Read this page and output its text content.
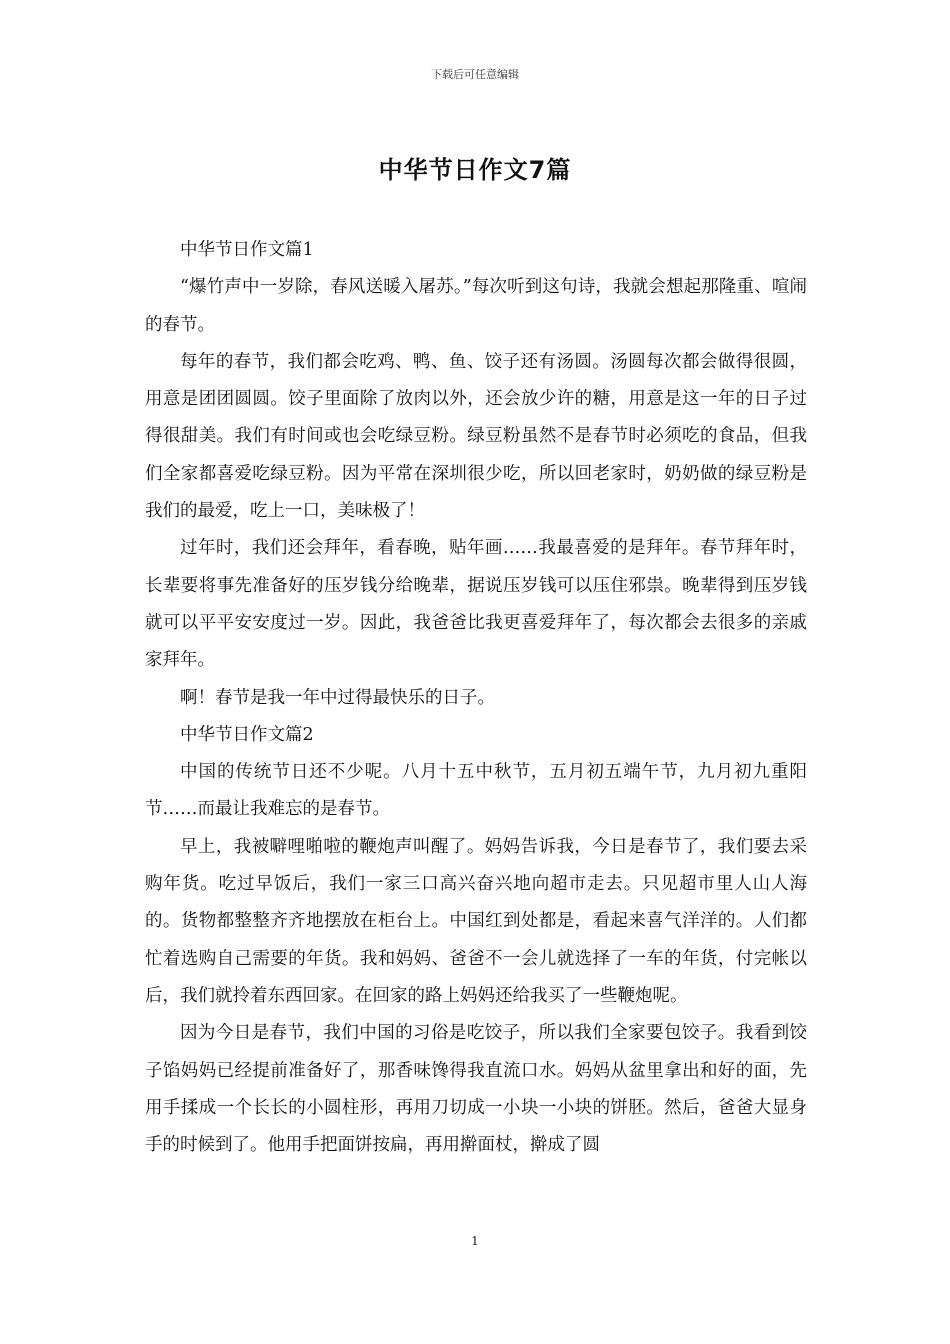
下载后可任意编辑
中华节日作文7篇

中华节日作文篇1

“爆竹声中一岁除，春风送暖入屠苏。”每次听到这句诗，我就会想起那隆重、喧闹的春节。

每年的春节，我们都会吃鸡、鸭、鱼、饺子还有汤圆。汤圆每次都会做得很圆，用意是团团圆圆。饺子里面除了放肉以外，还会放少许的糖，用意是这一年的日子过得很甜美。我们有时间或也会吃绿豆粉。绿豆粉虽然不是春节时必须吃的食品，但我们全家都喜爱吃绿豆粉。因为平常在深圳很少吃，所以回老家时，奶奶做的绿豆粉是我们的最爱，吃上一口，美味极了！

过年时，我们还会拜年，看春晚，贴年画……我最喜爱的是拜年。春节拜年时，长辈要将事先准备好的压岁钱分给晚辈，据说压岁钱可以压住邪祟。晚辈得到压岁钱就可以平平安安度过一岁。因此，我爸爸比我更喜爱拜年了，每次都会去很多的亲戚家拜年。

啊！春节是我一年中过得最快乐的日子。

中华节日作文篇2

中国的传统节日还不少呢。八月十五中秋节，五月初五端午节，九月初九重阳节……而最让我难忘的是春节。

早上，我被噼哩啪啦的鞭炮声叫醒了。妈妈告诉我，今日是春节了，我们要去采购年货。吃过早饭后，我们一家三口高兴奋兴地向超市走去。只见超市里人山人海的。货物都整整齐齐地摆放在柜台上。中国红到处都是，看起来喜气洋洋的。人们都忙着选购自己需要的年货。我和妈妈、爸爸不一会儿就选择了一车的年货，付完帐以后，我们就拎着东西回家。在回家的路上妈妈还给我买了一些鞭炮呢。

因为今日是春节，我们中国的习俗是吃饺子，所以我们全家要包饺子。我看到饺子馅妈妈已经提前准备好了，那香味馋得我直流口水。妈妈从盆里拿出和好的面，先用手揉成一个长长的小圆柱形，再用刀切成一小块一小块的饼胚。然后，爸爸大显身手的时候到了。他用手把面饼按扁，再用擀面杖，擀成了圆

1
